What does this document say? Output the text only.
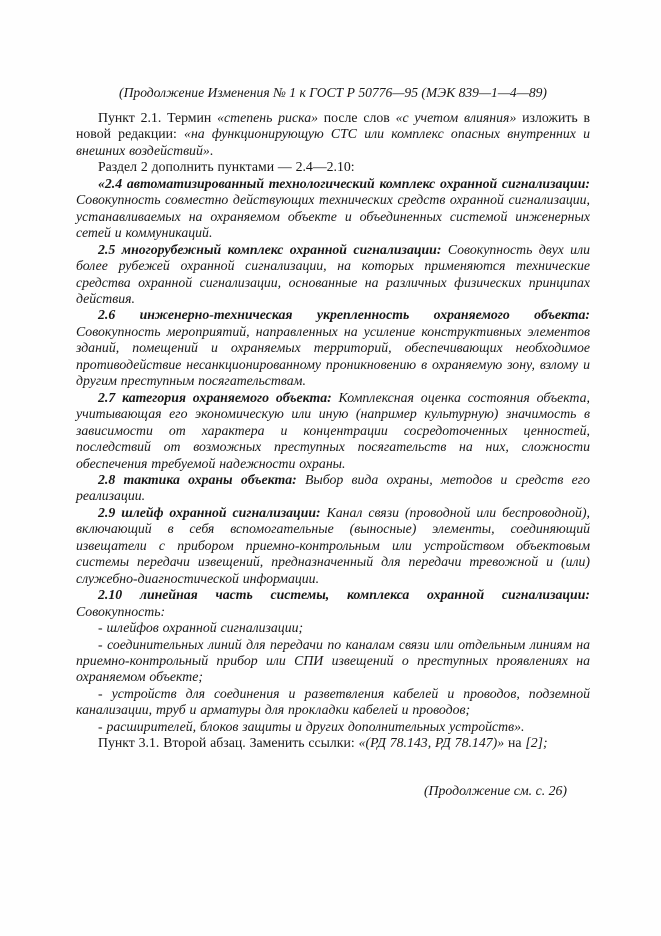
(Продолжение Изменения № 1 к ГОСТ Р 50776—95 (МЭК 839—1—4—89)

Пункт 2.1. Термин «степень риска» после слов «с учетом влияния» изложить в новой редакции: «на функционирующую СТС или комплекс опасных внутренних и внешних воздействий».

Раздел 2 дополнить пунктами — 2.4—2.10:

«2.4 автоматизированный технологический комплекс охранной сигнализации: Совокупность совместно действующих технических средств охранной сигнализации, устанавливаемых на охраняемом объекте и объединенных системой инженерных сетей и коммуникаций.

2.5 многорубежный комплекс охранной сигнализации: Совокупность двух или более рубежей охранной сигнализации, на которых применяются технические средства охранной сигнализации, основанные на различных физических принципах действия.

2.6 инженерно-техническая укрепленность охраняемого объекта: Совокупность мероприятий, направленных на усиление конструктивных элементов зданий, помещений и охраняемых территорий, обеспечивающих необходимое противодействие несанкционированному проникновению в охраняемую зону, взлому и другим преступным посягательствам.

2.7 категория охраняемого объекта: Комплексная оценка состояния объекта, учитывающая его экономическую или иную (например культурную) значимость в зависимости от характера и концентрации сосредоточенных ценностей, последствий от возможных преступных посягательств на них, сложности обеспечения требуемой надежности охраны.

2.8 тактика охраны объекта: Выбор вида охраны, методов и средств его реализации.

2.9 шлейф охранной сигнализации: Канал связи (проводной или беспроводной), включающий в себя вспомогательные (выносные) элементы, соединяющий извещатели с прибором приемно-контрольным или устройством объектовым системы передачи извещений, предназначенный для передачи тревожной и (или) служебно-диагностической информации.

2.10 линейная часть системы, комплекса охранной сигнализации: Совокупность:

- шлейфов охранной сигнализации;

- соединительных линий для передачи по каналам связи или отдельным линиям на приемно-контрольный прибор или СПИ извещений о преступных проявлениях на охраняемом объекте;

- устройств для соединения и разветвления кабелей и проводов, подземной канализации, труб и арматуры для прокладки кабелей и проводов;

- расширителей, блоков защиты и других дополнительных устройств».

Пункт 3.1. Второй абзац. Заменить ссылки: «(РД 78.143, РД 78.147)» на [2];

(Продолжение см. с. 26)
